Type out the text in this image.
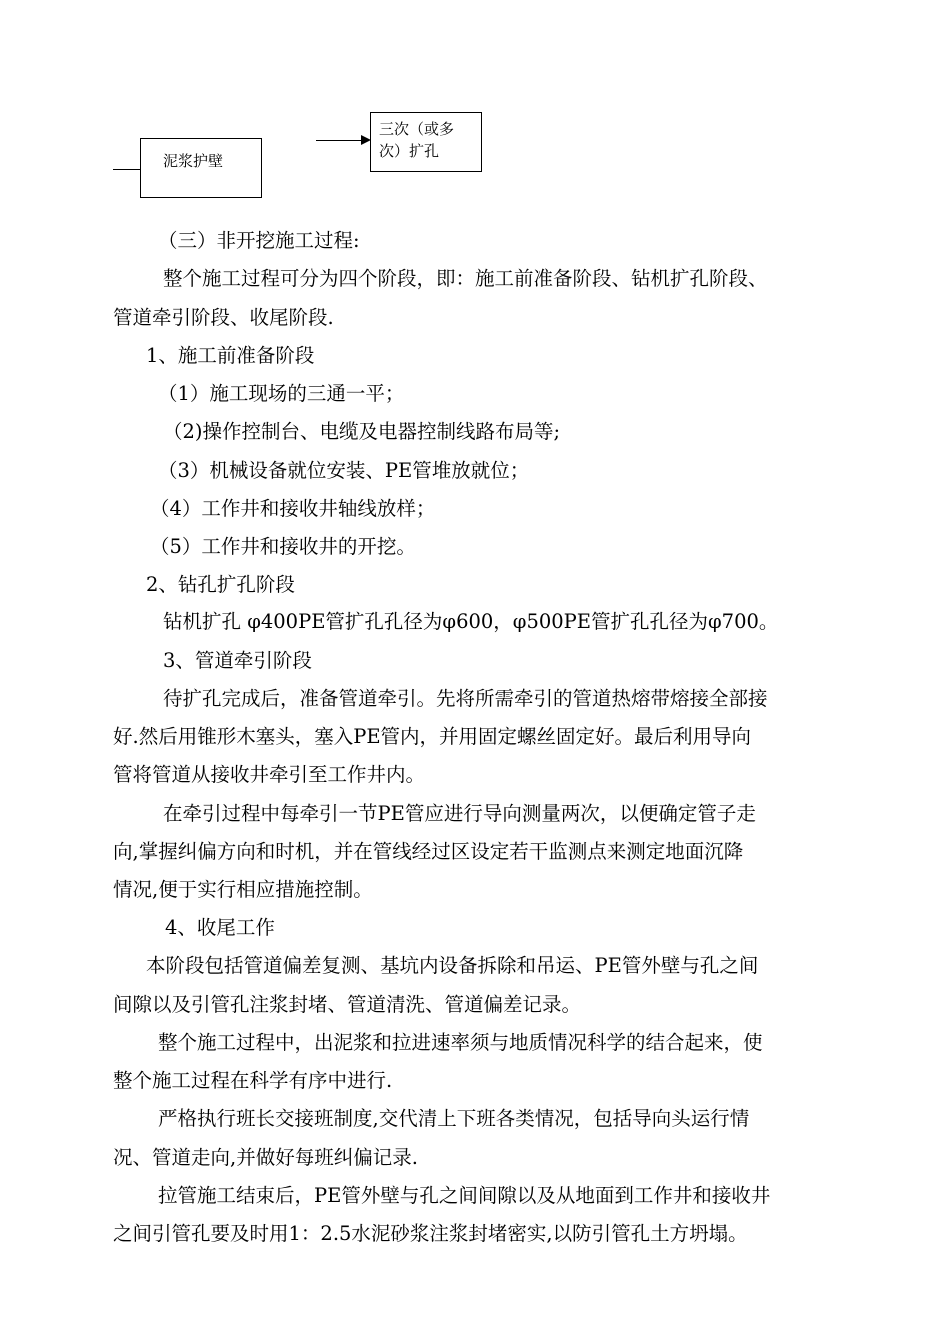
泥浆护壁
三次（或多次）扩孔
（三）非开挖施工过程:
整个施工过程可分为四个阶段，即：施工前准备阶段、钻机扩孔阶段、
管道牵引阶段、收尾阶段.
1、施工前准备阶段
（1）施工现场的三通一平；
（2)操作控制台、电缆及电器控制线路布局等;
（3）机械设备就位安装、PE管堆放就位；
（4）工作井和接收井轴线放样；
（5）工作井和接收井的开挖。
2、钻孔扩孔阶段
钻机扩孔 φ400PE管扩孔孔径为φ600，φ500PE管扩孔孔径为φ700。
3、管道牵引阶段
待扩孔完成后，准备管道牵引。先将所需牵引的管道热熔带熔接全部接
好.然后用锥形木塞头，塞入PE管内，并用固定螺丝固定好。最后利用导向
管将管道从接收井牵引至工作井内。
在牵引过程中每牵引一节PE管应进行导向测量两次，以便确定管子走
向,掌握纠偏方向和时机，并在管线经过区设定若干监测点来测定地面沉降
情况,便于实行相应措施控制。
4、收尾工作
本阶段包括管道偏差复测、基坑内设备拆除和吊运、PE管外壁与孔之间
间隙以及引管孔注浆封堵、管道清洗、管道偏差记录。
整个施工过程中，出泥浆和拉进速率须与地质情况科学的结合起来，使
整个施工过程在科学有序中进行.
严格执行班长交接班制度,交代清上下班各类情况，包括导向头运行情
况、管道走向,并做好每班纠偏记录.
拉管施工结束后，PE管外壁与孔之间间隙以及从地面到工作井和接收井
之间引管孔要及时用1：2.5水泥砂浆注浆封堵密实,以防引管孔土方坍塌。
